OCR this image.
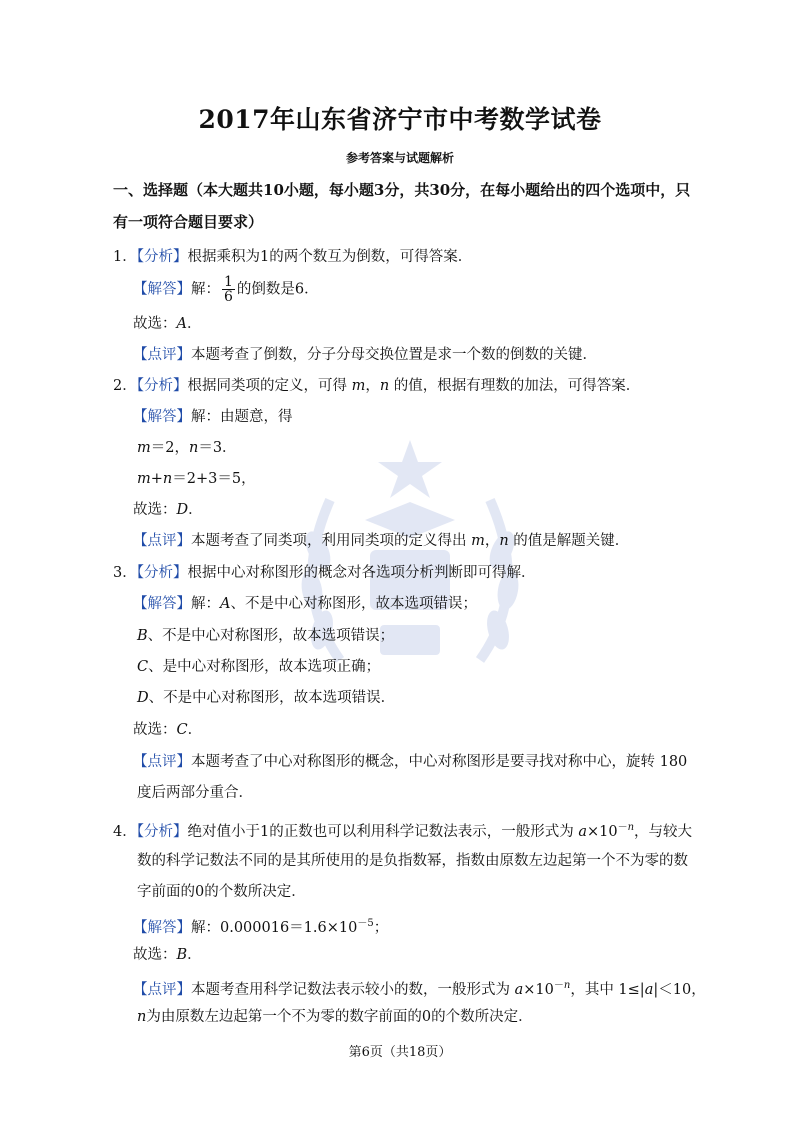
2017年山东省济宁市中考数学试卷
参考答案与试题解析
一、选择题（本大题共10小题，每小题3分，共30分，在每小题给出的四个选项中，只
有一项符合题目要求）
1．【分析】根据乘积为1的两个数互为倒数，可得答案．
【解答】解： $\frac{1}{6}$ 的倒数是6．
故选：A．
【点评】本题考查了倒数，分子分母交换位置是求一个数的倒数的关键．
2．【分析】根据同类项的定义，可得 m，n 的值，根据有理数的加法，可得答案．
【解答】解：由题意，得
m＝2，n＝3．
m+n＝2+3＝5，
故选：D．
【点评】本题考查了同类项，利用同类项的定义得出 m，n 的值是解题关键．
3．【分析】根据中心对称图形的概念对各选项分析判断即可得解．
【解答】解：A、不是中心对称图形，故本选项错误；
B、不是中心对称图形，故本选项错误；
C、是中心对称图形，故本选项正确；
D、不是中心对称图形，故本选项错误．
故选：C．
【点评】本题考查了中心对称图形的概念，中心对称图形是要寻找对称中心，旋转 180
度后两部分重合．
4．【分析】绝对值小于1的正数也可以利用科学记数法表示，一般形式为 $a\times 10^{-n}$，与较大
数的科学记数法不同的是其所使用的是负指数幂，指数由原数左边起第一个不为零的数
字前面的0的个数所决定．
【解答】解：$0.000016=1.6\times 10^{-5}$；
故选：B．
【点评】本题考查用科学记数法表示较小的数，一般形式为 $a\times 10^{-n}$，其中 1≤|a|＜10，
n为由原数左边起第一个不为零的数字前面的0的个数所决定．
第6页（共18页）
